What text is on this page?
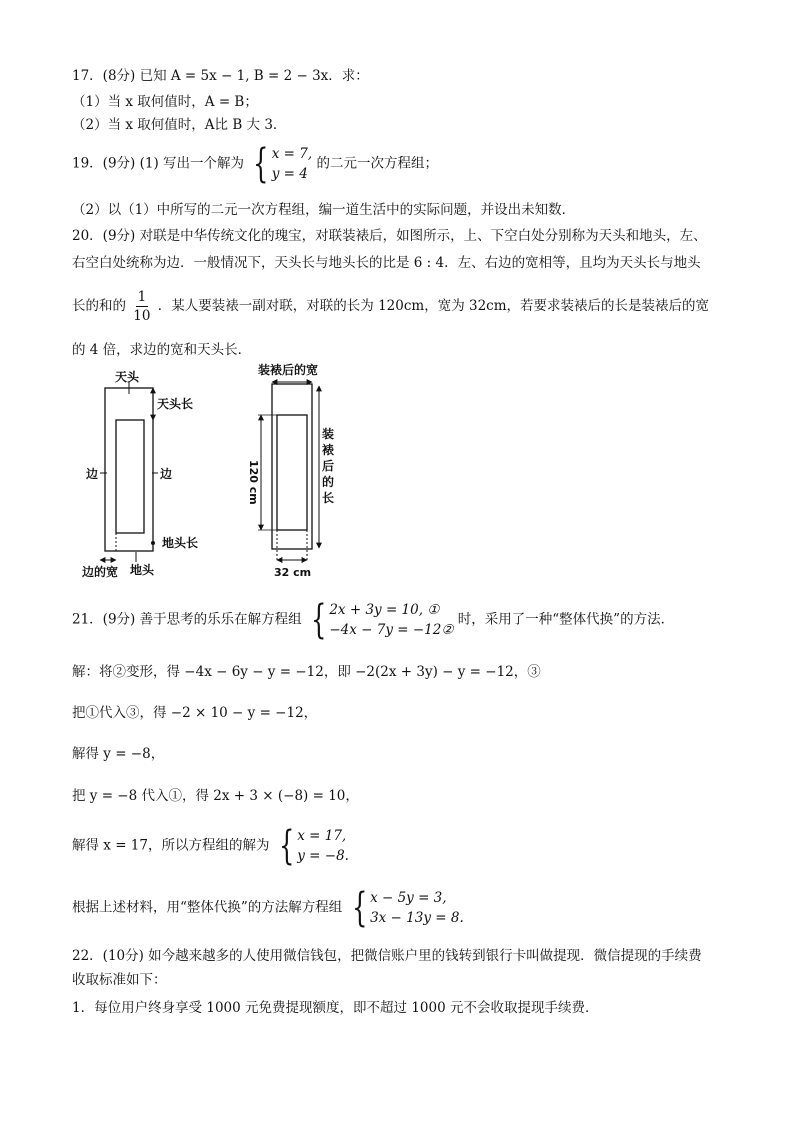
17．(8分) 已知 A = 5x − 1, B = 2 − 3x．求：
（1）当 x 取何值时，A = B；
（2）当 x 取何值时，A比 B 大 3．
19．(9分) (1) 写出一个解为 { x = 7,
y = 4
的二元一次方程组；
（2）以（1）中所写的二元一次方程组，编一道生活中的实际问题，并设出未知数．
20．(9分) 对联是中华传统文化的瑰宝，对联装裱后，如图所示，上、下空白处分别称为天头和地头，左、
右空白处统称为边．一般情况下，天头长与地头长的比是 6 : 4．左、右边的宽相等，且均为天头长与地头
长的和的 $\frac{1}{10}$ ．某人要装裱一副对联，对联的长为 120cm，宽为 32cm，若要求装裱后的长是装裱后的宽
的 4 倍，求边的宽和天头长．
天头
天头长
边	边
地头长
边的宽 地头
装裱后的宽
120 cm
装
裱
后
的
长
32 cm
21．(9分) 善于思考的乐乐在解方程组 { 2x + 3y = 10, ①
−4x − 7y = −12②
时，采用了一种“整体代换”的方法．
解：将②变形，得 −4x − 6y − y = −12，即 −2(2x + 3y) − y = −12，③
把①代入③，得 −2 × 10 − y = −12，
解得 y = −8，
把 y = −8 代入①，得 2x + 3 × (−8) = 10，
解得 x = 17，所以方程组的解为 { x = 17,
y = −8.
根据上述材料，用“整体代换”的方法解方程组 { x − 5y = 3,
3x − 13y = 8.
22．(10分) 如今越来越多的人使用微信钱包，把微信账户里的钱转到银行卡叫做提现．微信提现的手续费
收取标准如下：
1．每位用户终身享受 1000 元免费提现额度，即不超过 1000 元不会收取提现手续费．
